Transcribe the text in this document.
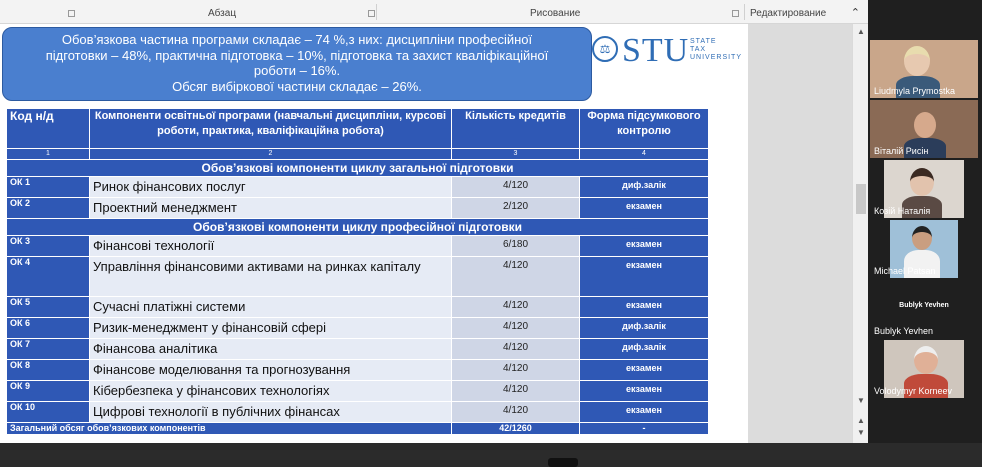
Абзац	Рисование	Редактирование ⌃
Обов’язкова частина програми складає – 74 %,з них: дисципліни професійної
підготовки – 48%, практична підготовка – 10%, підготовка та захист кваліфікаційної
роботи – 16%.
Обсяг вибіркової частини складає – 26%.
⚖ STU STATE
TAX
UNIVERSITY
Код н/д	Компоненти освітньої програми (навчальні дисципліни, курсові роботи, практика, кваліфікаційна робота)	Кількість кредитів	Форма підсумкового контролю
1	2	3	4
Обов’язкові компоненти циклу загальної підготовки			
ОК 1	Ринок фінансових послуг	4/120	диф.залік
ОК 2	Проектний менеджмент	2/120	екзамен
Обов’язкові компоненти циклу професійної підготовки			
ОК 3	Фінансові технології	6/180	екзамен
ОК 4	Управління фінансовими активами на ринках капіталу	4/120	екзамен
ОК 5	Сучасні платіжні системи	4/120	екзамен
ОК 6	Ризик-менеджмент у фінансовій сфері	4/120	диф.залік
ОК 7	Фінансова аналітика	4/120	диф.залік
ОК 8	Фінансове моделювання та прогнозування	4/120	екзамен
ОК 9	Кібербезпека у фінансових технологіях	4/120	екзамен
ОК 10	Цифрові технології в публічних фінансах	4/120	екзамен
Загальний обсяг обов’язкових компонентів		42/1260	-
▲
▼
▲
▼
Liudmyla Prymostka
Віталій Рисін
Козій Наталія
Michael Patsan
Bublyk Yevhen
Bublyk Yevhen
Volodymyr Korneev
